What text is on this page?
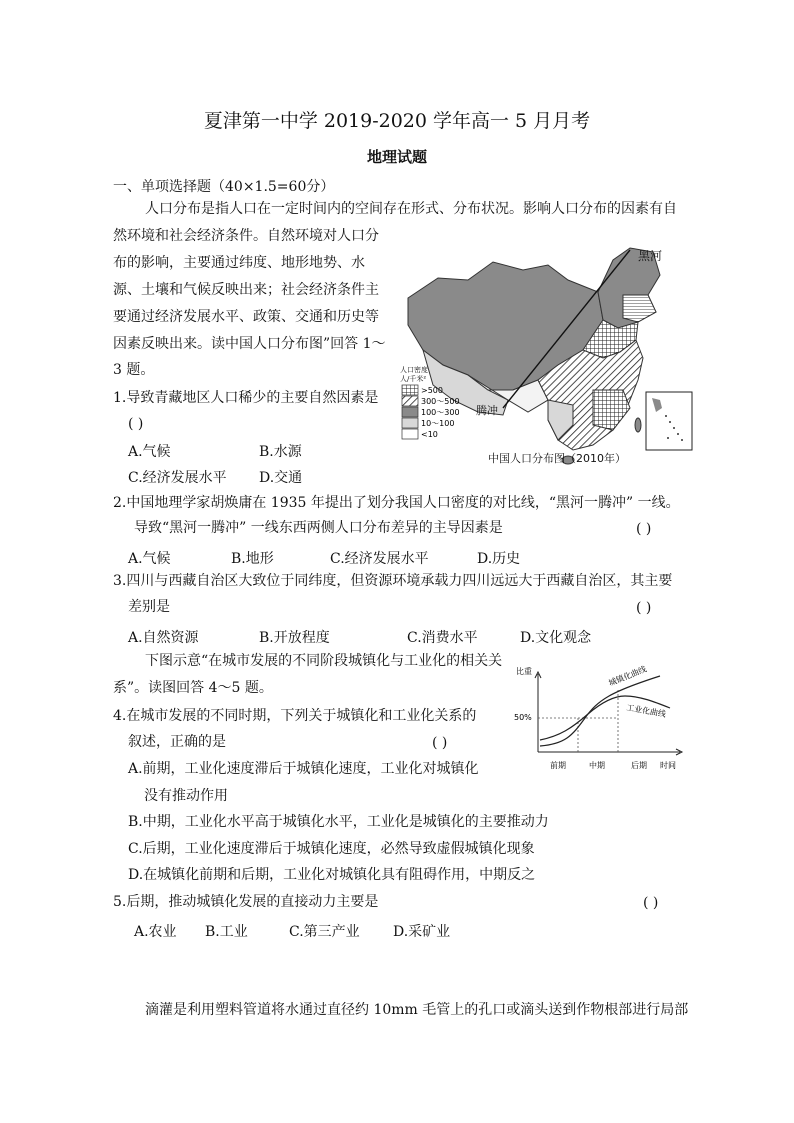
夏津第一中学 2019-2020 学年高一 5 月月考
地理试题
一、单项选择题（40×1.5=60分）
人口分布是指人口在一定时间内的空间存在形式、分布状况。影响人口分布的因素有自
然环境和社会经济条件。自然环境对人口分
布的影响，主要通过纬度、地形地势、水
源、土壤和气候反映出来；社会经济条件主
要通过经济发展水平、政策、交通和历史等
因素反映出来。读中国人口分布图”回答 1～
3 题。
黑河
腾冲
人口密度
人/千米²
>500
300～500
100～300
10～100
<10
中国人口分布图（2010年）
1.导致青藏地区人口稀少的主要自然因素是
( )
A.气候	B.水源
C.经济发展水平 D.交通
2.中国地理学家胡焕庸在 1935 年提出了划分我国人口密度的对比线，“黑河一腾冲” 一线。
导致“黑河一腾冲” 一线东西两侧人口分布差异的主导因素是	( )
A.气候	B.地形	C.经济发展水平	D.历史
3.四川与西藏自治区大致位于同纬度，但资源环境承载力四川远远大于西藏自治区，其主要
差别是	( )
A.自然资源	B.开放程度	C.消费水平	D.文化观念
下图示意“在城市发展的不同阶段城镇化与工业化的相关关
系”。读图回答 4～5 题。
比重
50%
城镇化曲线
工业化曲线
前期	中期	后期 时间
4.在城市发展的不同时期，下列关于城镇化和工业化关系的
叙述，正确的是	( )
A.前期，工业化速度滞后于城镇化速度，工业化对城镇化
没有推动作用
B.中期，工业化水平高于城镇化水平，工业化是城镇化的主要推动力
C.后期，工业化速度滞后于城镇化速度，必然导致虚假城镇化现象
D.在城镇化前期和后期，工业化对城镇化具有阻碍作用，中期反之
5.后期，推动城镇化发展的直接动力主要是	( )
A.农业 B.工业	C.第三产业 D.采矿业
滴灌是利用塑料管道将水通过直径约 10mm 毛管上的孔口或滴头送到作物根部进行局部
